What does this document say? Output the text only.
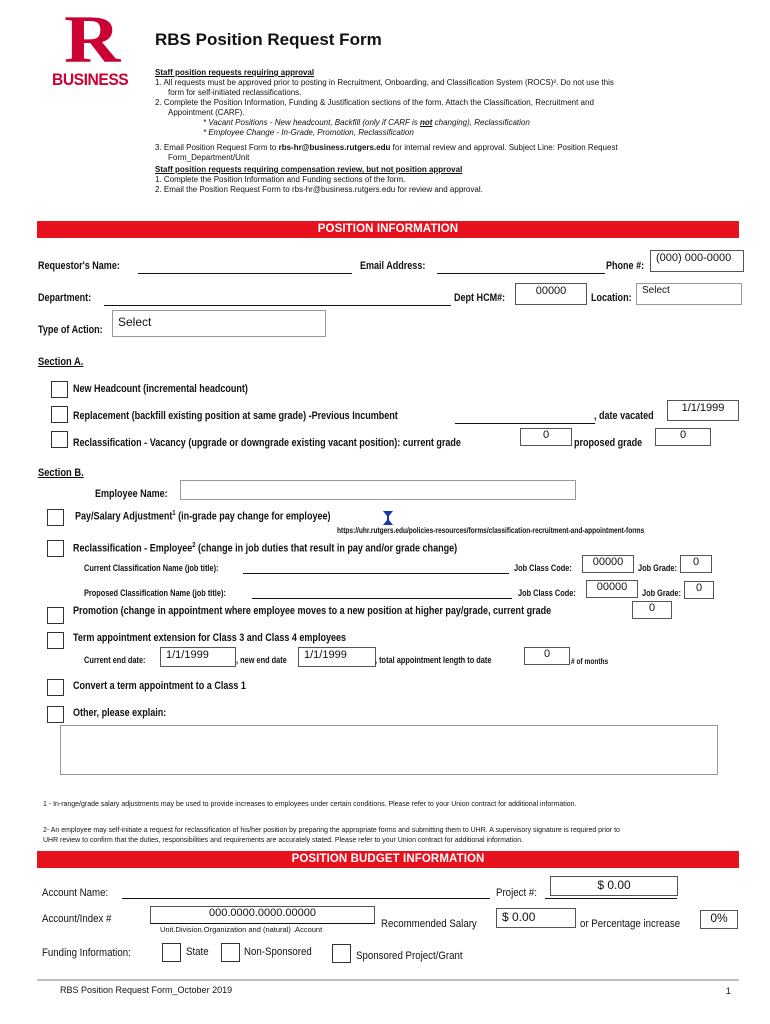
R
BUSINESS
RBS Position Request Form
Staff position requests requiring approval
1. All requests must be approved prior to posting in Recruitment, Onboarding, and Classification System (ROCS)². Do not use this
form for self-initiated reclassifications.
2. Complete the Position Information, Funding & Justification sections of the form. Attach the Classification, Recruitment and
Appointment (CARF).
* Vacant Positions - New headcount, Backfill (only if CARF is not changing), Reclassification
* Employee Change - In-Grade, Promotion, Reclassification
3. Email Position Request Form to rbs-hr@business.rutgers.edu for internal review and approval. Subject Line: Position Request
Form_Department/Unit
Staff position requests requiring compensation review, but not position approval
1. Complete the Position Information and Funding sections of the form.
2. Email the Position Request Form to rbs-hr@business.rutgers.edu for review and approval.
POSITION INFORMATION
Requestor's Name:	Email Address:	Phone #:
(000) 000-0000
Department:	Dept HCM#:
00000
Location:
Select
Type of Action:
Select
Section A.
New Headcount (incremental headcount)
Replacement (backfill existing position at same grade) -Previous Incumbent	, date vacated
1/1/1999
Reclassification - Vacancy (upgrade or downgrade existing vacant position): current grade
0
proposed grade
0
Section B.
Employee Name:
Pay/Salary Adjustment$^1$ (in-grade pay change for employee)
https://uhr.rutgers.edu/policies-resources/forms/classification-recruitment-and-appointment-forms
Reclassification - Employee$^2$ (change in job duties that result in pay and/or grade change)
Current Classification Name (job title):	Job Class Code:	00000	Job Grade:	0
Proposed Classification Name (job title):	Job Class Code:	00000	Job Grade:	0
Promotion (change in appointment where employee moves to a new position at higher pay/grade, current grade	0
Term appointment extension for Class 3 and Class 4 employees
Current end date:	1/1/1999	, new end date	1/1/1999	, total appointment length to date	0
# of months
Convert a term appointment to a Class 1
Other, please explain:
1 - In-range/grade salary adjustments may be used to provide increases to employees under certain conditions. Please refer to your Union contract for additional information.
2- An employee may self-initiate a request for reclassification of his/her position by preparing the appropriate forms and submitting them to UHR. A supervisory signature is required prior to
UHR review to confirm that the duties, responsibilities and requirements are accurately stated. Please refer to your Union contract for additional information.
POSITION BUDGET INFORMATION
Account Name:	Project #:
$ 0.00
Account/Index #	000.0000.0000.00000
Unit.Division.Organization and (natural) .Account	Recommended Salary	$ 0.00	or Percentage increase	0%
Funding Information:	State	Non-Sponsored	Sponsored Project/Grant
RBS Position Request Form_October 2019	1
